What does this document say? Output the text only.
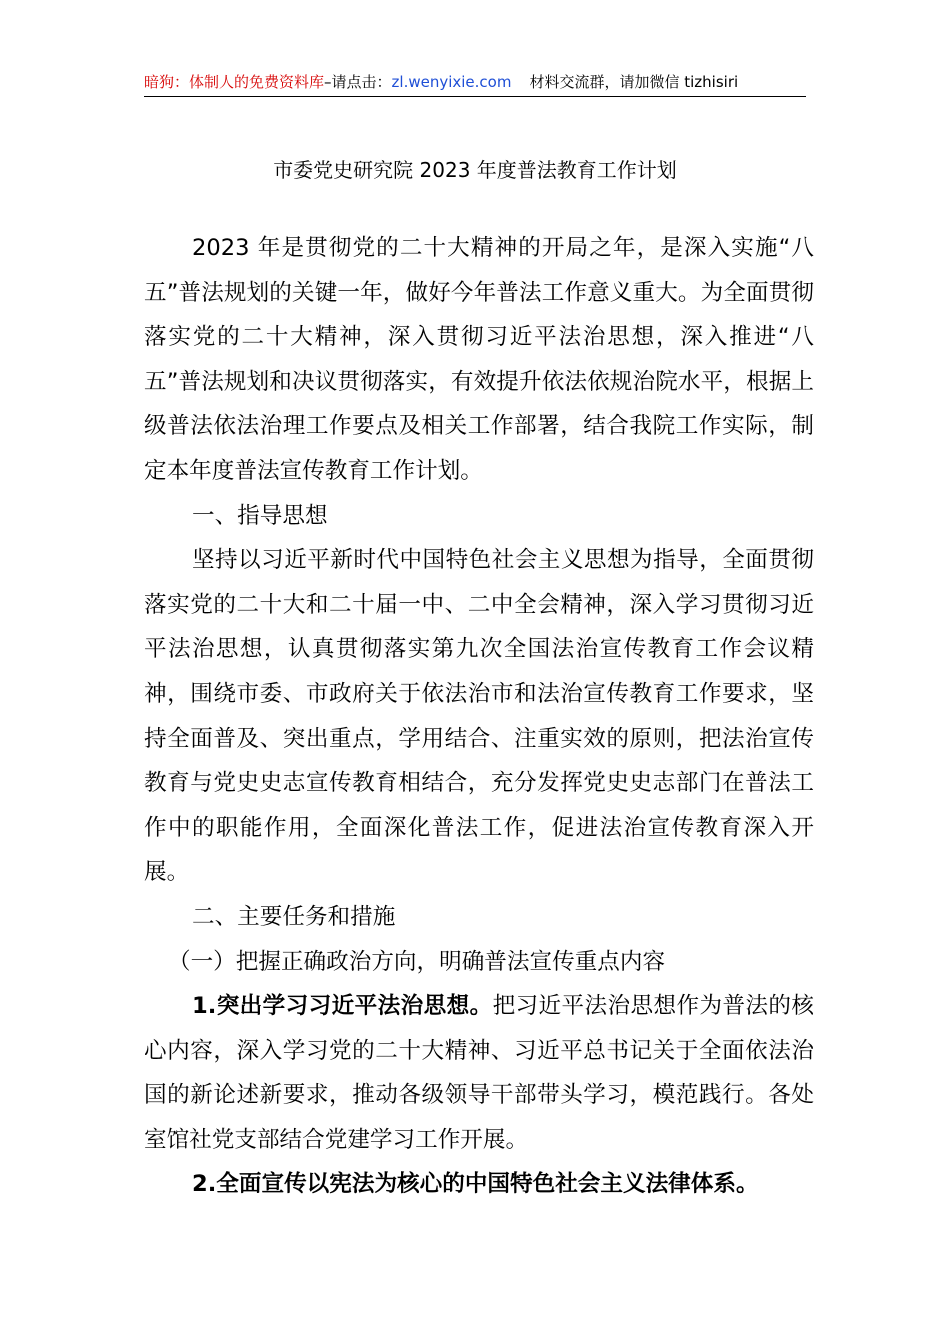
暗狗：体制人的免费资料库–请点击：zl.wenyixie.com 材料交流群，请加微信 tizhisiri
市委党史研究院 2023 年度普法教育工作计划

2023 年是贯彻党的二十大精神的开局之年，是深入实施“八五”普法规划的关键一年，做好今年普法工作意义重大。为全面贯彻落实党的二十大精神，深入贯彻习近平法治思想，深入推进“八五”普法规划和决议贯彻落实，有效提升依法依规治院水平，根据上级普法依法治理工作要点及相关工作部署，结合我院工作实际，制定本年度普法宣传教育工作计划。

一、指导思想

坚持以习近平新时代中国特色社会主义思想为指导，全面贯彻落实党的二十大和二十届一中、二中全会精神，深入学习贯彻习近平法治思想，认真贯彻落实第九次全国法治宣传教育工作会议精神，围绕市委、市政府关于依法治市和法治宣传教育工作要求，坚持全面普及、突出重点，学用结合、注重实效的原则，把法治宣传教育与党史史志宣传教育相结合，充分发挥党史史志部门在普法工作中的职能作用，全面深化普法工作，促进法治宣传教育深入开展。

二、主要任务和措施

（一）把握正确政治方向，明确普法宣传重点内容

1.突出学习习近平法治思想。把习近平法治思想作为普法的核心内容，深入学习党的二十大精神、习近平总书记关于全面依法治国的新论述新要求，推动各级领导干部带头学习，模范践行。各处室馆社党支部结合党建学习工作开展。

2.全面宣传以宪法为核心的中国特色社会主义法律体系。
